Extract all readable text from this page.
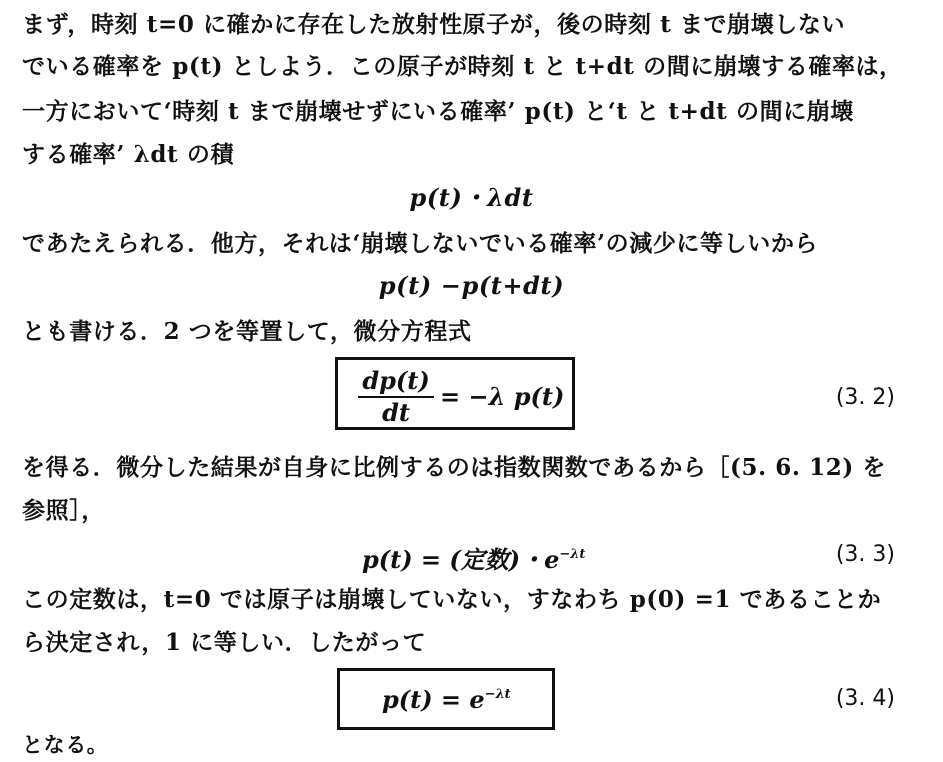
まず，時刻 t=0 に確かに存在した放射性原子が，後の時刻 t まで崩壊しない
でいる確率を p(t) としよう．この原子が時刻 t と t+dt の間に崩壊する確率は，
一方において‘時刻 t まで崩壊せずにいる確率’ p(t) と‘t と t+dt の間に崩壊
する確率’ λdt の積
p(t)・λdt
であたえられる．他方，それは‘崩壊しないでいる確率’の減少に等しいから
p(t) −p(t+dt)
とも書ける．2 つを等置して，微分方程式
dp(t)
dt
= −λ p(t)	(3. 2)
を得る．微分した結果が自身に比例するのは指数関数であるから［(5. 6. 12) を
参照］，
p(t) = (定数)・$e^{-\lambda t}$	(3. 3)
この定数は，t=0 では原子は崩壊していない，すなわち p(0) =1 であることか
ら決定され，1 に等しい．したがって
$p(t) = e^{-\lambda t}$	(3. 4)
となる。
